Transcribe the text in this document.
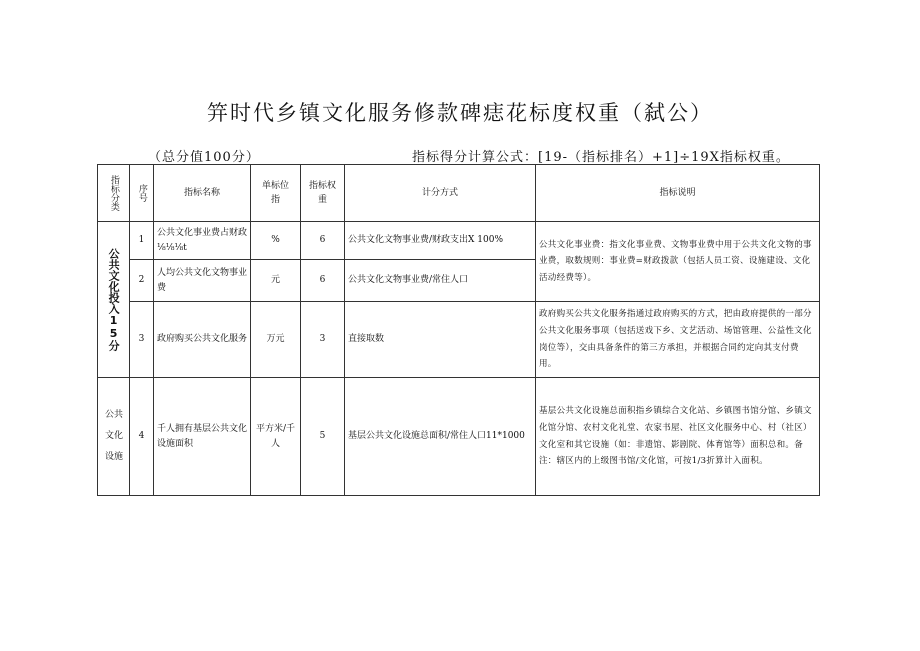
笄时代乡镇文化服务修款碑痣花标度权重（弑公）
（总分值100分）	指标得分计算公式：[19-（指标排名）+1]÷19X指标权重。
指标分类	序号	指标名称	单标位指	指标权重	计分方式	指标说明

公共文化投入15分	1	公共文化事业费占财政⅛⅛⅛t	%	6	公共文化文物事业费/财政支出X 100%	公共文化事业费：指文化事业费、文物事业费中用于公共文化文物的事业费，取数规则：事业费=财政拨款（包括人员工资、设施建设、文化活动经费等）。
	2	人均公共文化文物事业费	元	6	公共文化文物事业费/常住人口	
	3	政府购买公共文化服务	万元	3	直接取数	政府购买公共文化服务指通过政府购买的方式，把由政府提供的一部分公共文化服务事项（包括送戏下乡、文艺活动、场馆管理、公益性文化岗位等），交由具备条件的第三方承担，并根据合同约定向其支付费用。

公共文化设施	4	千人拥有基层公共文化设施面积	平方米/千人	5	基层公共文化设施总面积/常住人口11*1000	基层公共文化设施总面积指乡镇综合文化站、乡镇图书馆分馆、乡镇文化馆分馆、农村文化礼堂、农家书屋、社区文化服务中心、村（社区）文化室和其它设施（如：非遗馆、影剧院、体育馆等）面积总和。备注：辖区内的上级图书馆/文化馆，可按1/3折算计入面积。
